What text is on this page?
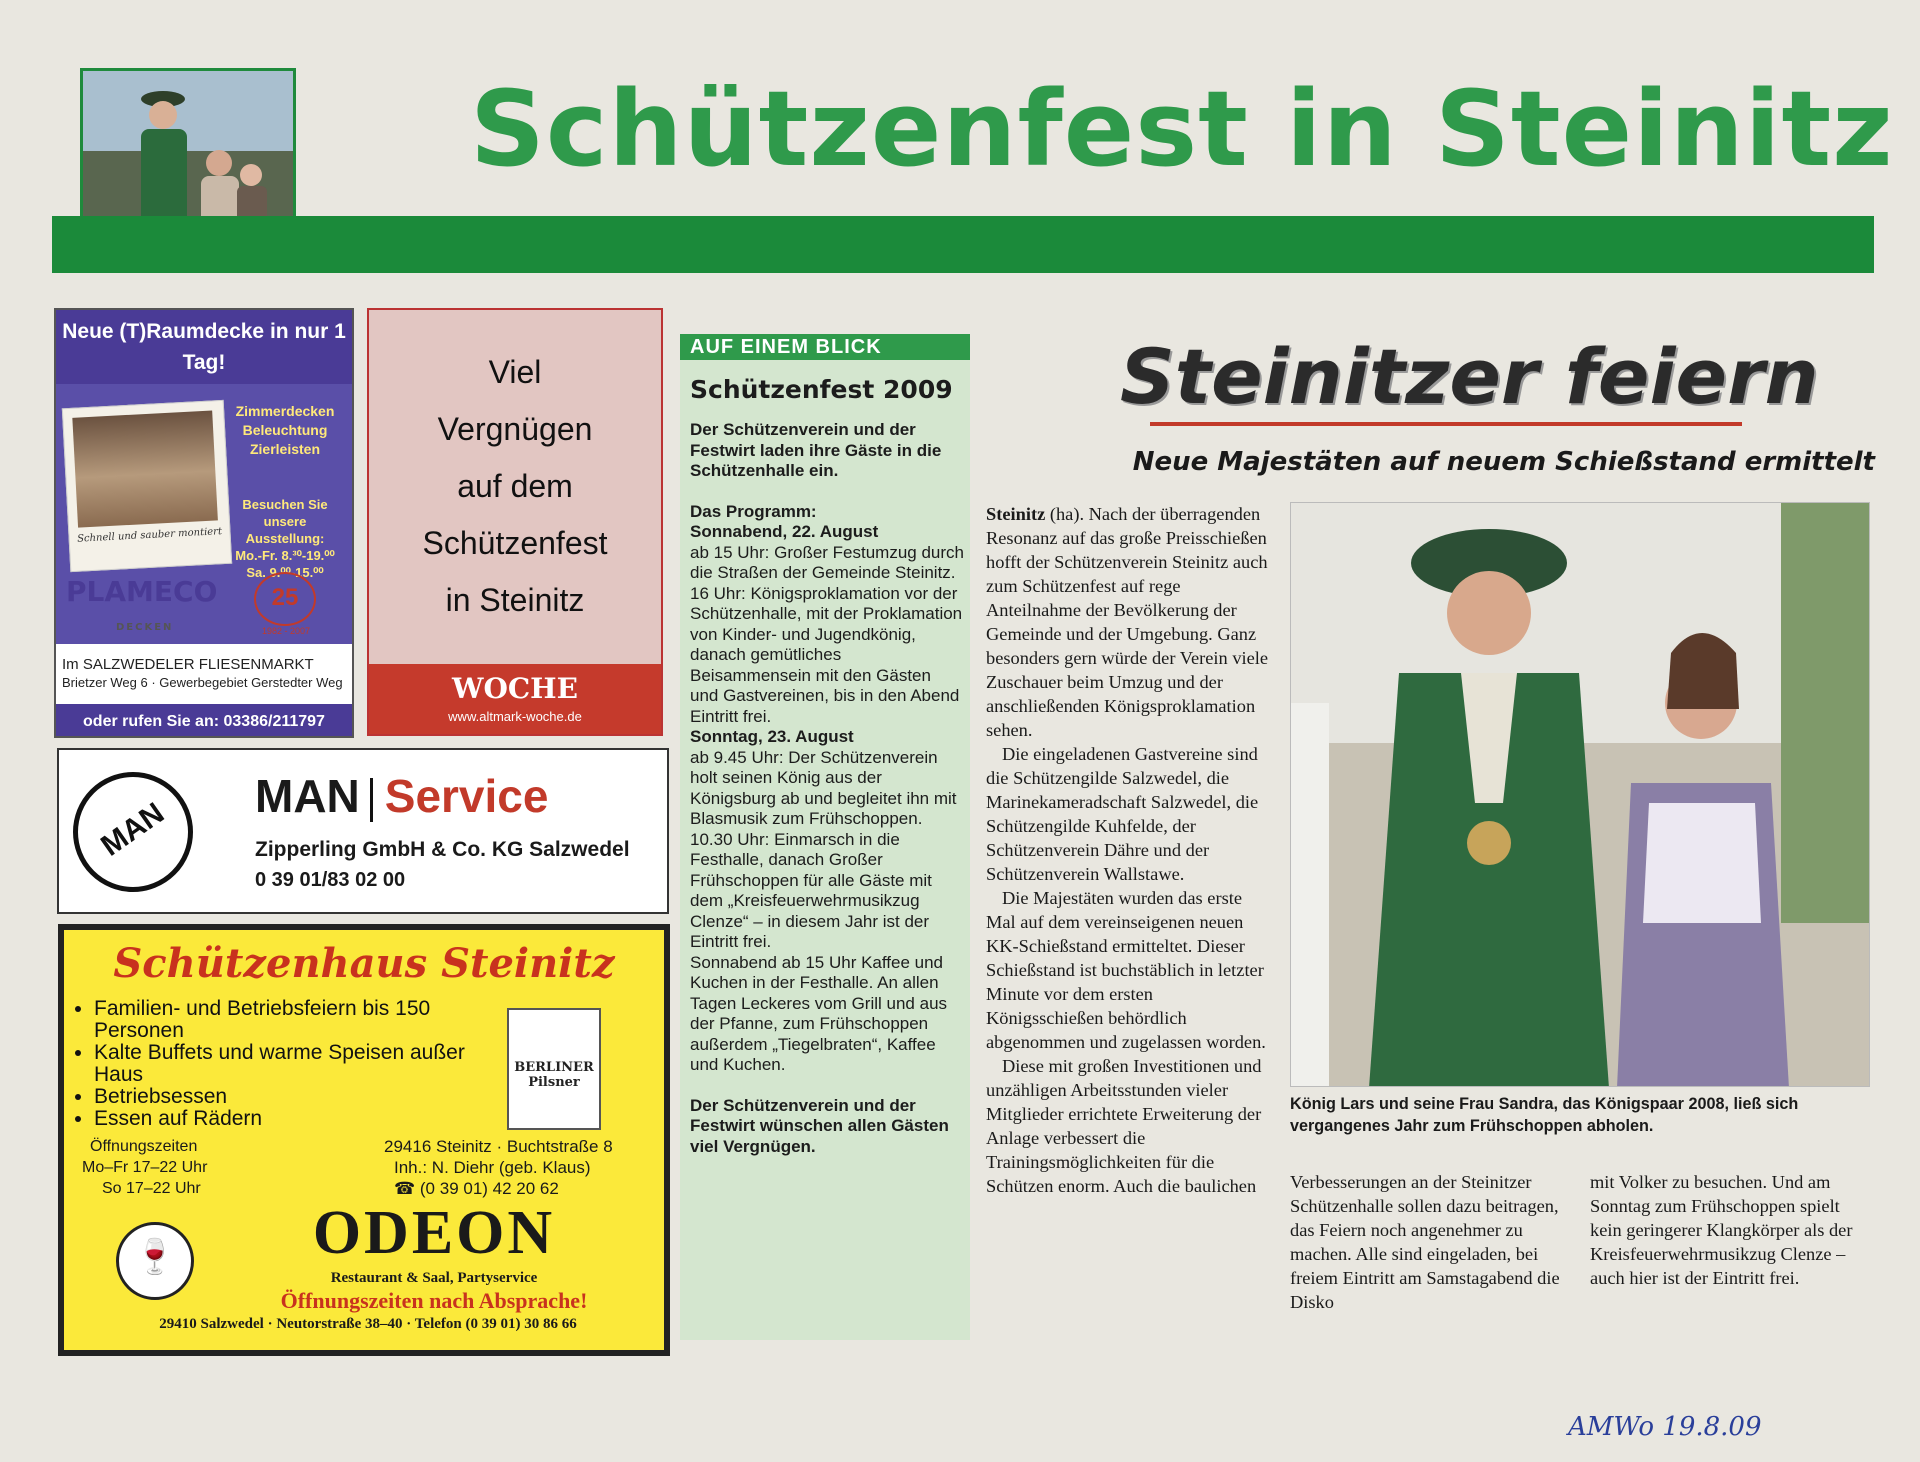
Schützenfest in Steinitz
Neue (T)Raumdecke in nur 1 Tag!
Schnell und sauber montiert
Zimmerdecken
Beleuchtung
Zierleisten
Besuchen Sie
unsere
Ausstellung:
Mo.-Fr. 8.³⁰-19.⁰⁰
Sa. 9.⁰⁰-15.⁰⁰
PLAMECO
DECKEN
25
1982 - 2007
Im SALZWEDELER FLIESENMARKT
Brietzer Weg 6 · Gewerbegebiet Gerstedter Weg
oder rufen Sie an: 03386/211797
Viel
Vergnügen
auf dem
Schützenfest
in Steinitz
WOCHE
www.altmark-woche.de
MAN
MAN Service
Zipperling GmbH & Co. KG Salzwedel
0 39 01/83 02 00
Schützenhaus Steinitz
• Familien- und Betriebsfeiern bis 150 Personen
• Kalte Buffets und warme Speisen außer Haus
• Betriebsessen
• Essen auf Rädern
BERLINER Pilsner
Öffnungszeiten
Mo–Fr 17–22 Uhr
So 17–22 Uhr
29416 Steinitz · Buchtstraße 8
Inh.: N. Diehr (geb. Klaus)
☎ (0 39 01) 42 20 62
🍷	ODEON
Restaurant & Saal, Partyservice
Öffnungszeiten nach Absprache!
29410 Salzwedel · Neutorstraße 38–40 · Telefon (0 39 01) 30 86 66
AUF EINEM BLICK
Schützenfest 2009

Der Schützenverein und der Festwirt laden ihre Gäste in die Schützenhalle ein.

Das Programm:

Sonnabend, 22. August

ab 15 Uhr: Großer Festumzug durch die Straßen der Gemeinde Steinitz.

16 Uhr: Königsproklamation vor der Schützenhalle, mit der Proklamation von Kinder- und Jugendkönig, danach gemütliches Beisammensein mit den Gästen und Gastvereinen, bis in den Abend Eintritt frei.

Sonntag, 23. August

ab 9.45 Uhr: Der Schützenverein holt seinen König aus der Königsburg ab und begleitet ihn mit Blasmusik zum Frühschoppen.

10.30 Uhr: Einmarsch in die Festhalle, danach Großer Frühschoppen für alle Gäste mit dem „Kreisfeuerwehrmusikzug Clenze“ – in diesem Jahr ist der Eintritt frei.

Sonnabend ab 15 Uhr Kaffee und Kuchen in der Festhalle. An allen Tagen Leckeres vom Grill und aus der Pfanne, zum Frühschoppen außerdem „Tiegelbraten“, Kaffee und Kuchen.

Der Schützenverein und der Festwirt wünschen allen Gästen viel Vergnügen.

Steinitzer feiern
Neue Majestäten auf neuem Schießstand ermittelt

Steinitz (ha). Nach der überragenden Resonanz auf das große Preisschießen hofft der Schützenverein Steinitz auch zum Schützenfest auf rege Anteilnahme der Bevölkerung der Gemeinde und der Umgebung. Ganz besonders gern würde der Verein viele Zuschauer beim Umzug und der anschließenden Königsproklamation sehen.

Die eingeladenen Gastvereine sind die Schützengilde Salzwedel, die Marinekameradschaft Salzwedel, die Schützengilde Kuhfelde, der Schützenverein Dähre und der Schützenverein Wallstawe.

Die Majestäten wurden das erste Mal auf dem vereinseigenen neuen KK-Schießstand ermitteltet. Dieser Schießstand ist buchstäblich in letzter Minute vor dem ersten Königsschießen behördlich abgenommen und zugelassen worden.

Diese mit großen Investitionen und unzähligen Arbeitsstunden vieler Mitglieder errichtete Erweiterung der Anlage verbessert die Trainingsmöglichkeiten für die Schützen enorm. Auch die baulichen

König Lars und seine Frau Sandra, das Königspaar 2008, ließ sich vergangenes Jahr zum Frühschoppen abholen.

Verbesserungen an der Steinitzer Schützenhalle sollen dazu beitragen, das Feiern noch angenehmer zu machen. Alle sind eingeladen, bei freiem Eintritt am Samstagabend die Disko

mit Volker zu besuchen. Und am Sonntag zum Frühschoppen spielt kein geringerer Klangkörper als der Kreisfeuerwehrmusikzug Clenze – auch hier ist der Eintritt frei.

AMWo 19.8.09
